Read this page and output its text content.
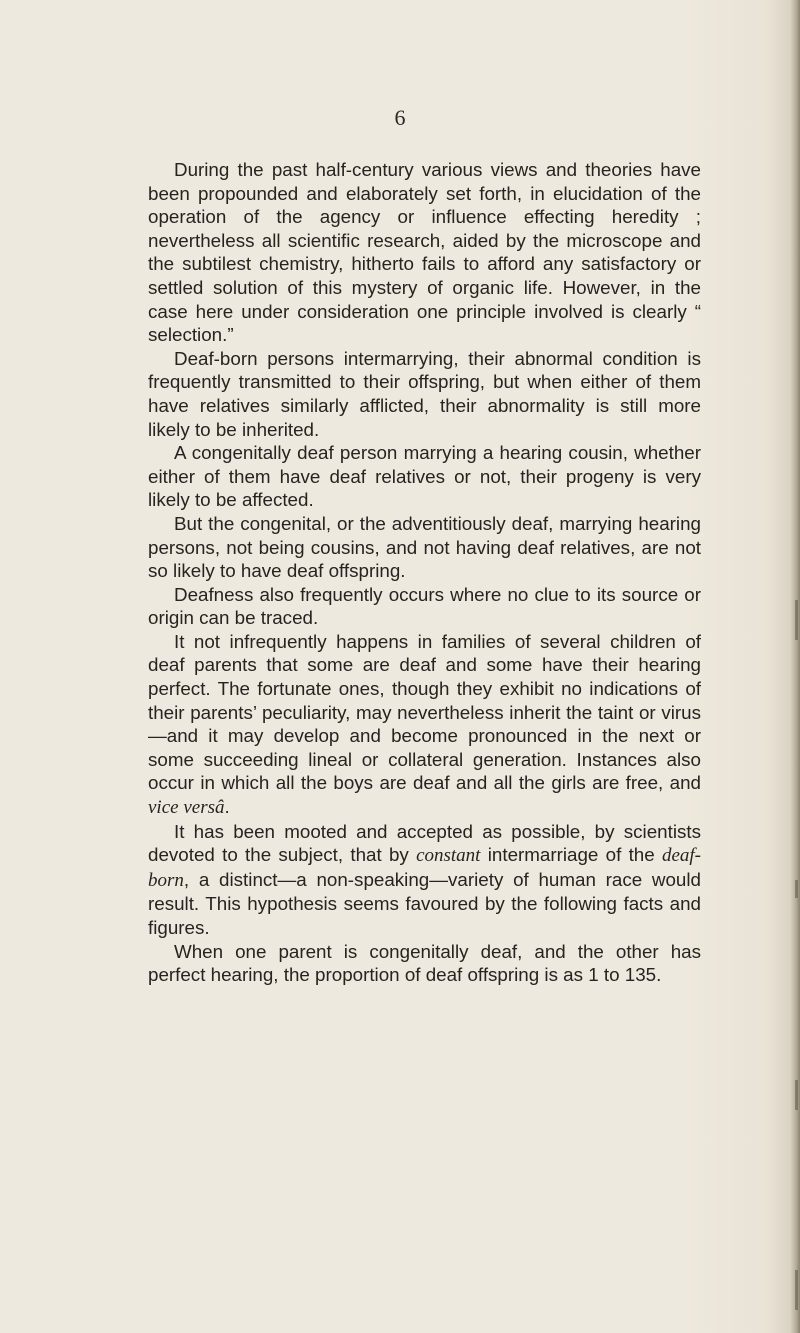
6

During the past half-century various views and theories have been propounded and elaborately set forth, in elucidation of the operation of the agency or influence effecting heredity ; nevertheless all scientific research, aided by the microscope and the subtilest chemistry, hitherto fails to afford any satisfactory or settled solution of this mystery of organic life. However, in the case here under consideration one principle involved is clearly “ selection.”

Deaf-born persons intermarrying, their abnormal condition is frequently transmitted to their offspring, but when either of them have relatives similarly afflicted, their abnormality is still more likely to be inherited.

A congenitally deaf person marrying a hearing cousin, whether either of them have deaf relatives or not, their progeny is very likely to be affected.

But the congenital, or the adventitiously deaf, marrying hearing persons, not being cousins, and not having deaf relatives, are not so likely to have deaf offspring.

Deafness also frequently occurs where no clue to its source or origin can be traced.

It not infrequently happens in families of several children of deaf parents that some are deaf and some have their hearing perfect. The fortunate ones, though they exhibit no indications of their parents’ peculiarity, may nevertheless inherit the taint or virus—and it may develop and become pronounced in the next or some succeeding lineal or collateral generation. Instances also occur in which all the boys are deaf and all the girls are free, and vice versâ.

It has been mooted and accepted as possible, by scientists devoted to the subject, that by constant intermarriage of the deaf-born, a distinct—a non-speaking—variety of human race would result. This hypothesis seems favoured by the following facts and figures.

When one parent is congenitally deaf, and the other has perfect hearing, the proportion of deaf offspring is as 1 to 135.
